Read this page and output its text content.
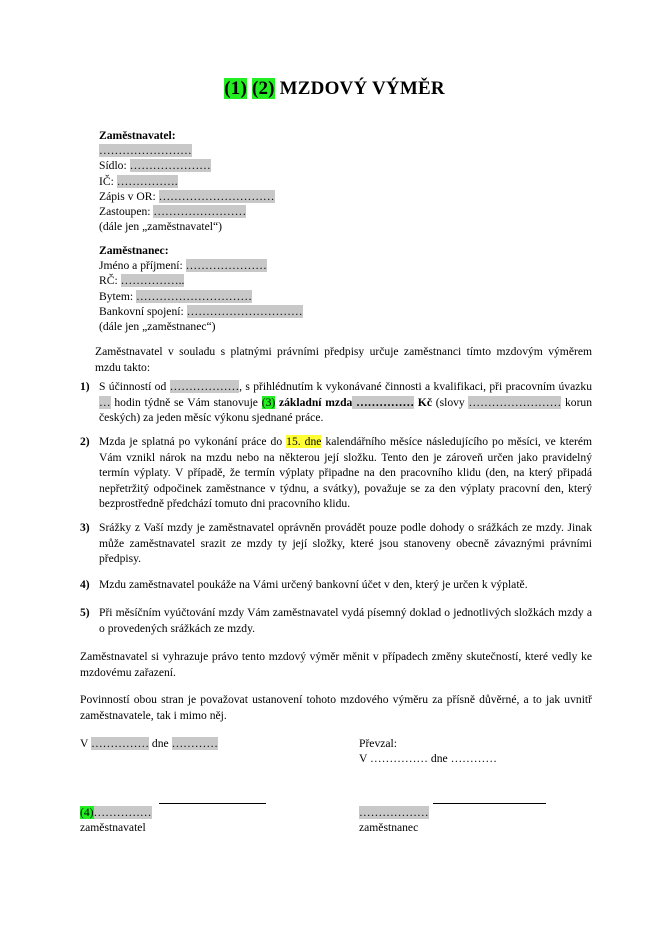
(1) (2) MZDOVÝ VÝMĚR
Zaměstnavatel:
……………………
Sídlo: …………………
IČ: …………….
Zápis v OR: …………………………
Zastoupen: ……………………
(dále jen „zaměstnavatel“)
Zaměstnanec:
Jméno a příjmení: …………………
RČ: ……………..
Bytem: …………………………
Bankovní spojení: …………………………
(dále jen „zaměstnanec“)
Zaměstnavatel v souladu s platnými právními předpisy určuje zaměstnanci tímto mzdovým výměrem mzdu takto:
1) S účinností od ………………, s přihlédnutím k vykonávané činnosti a kvalifikaci, při pracovním úvazku … hodin týdně se Vám stanovuje (3) základní mzda …………… Kč (slovy …………………… korun českých) za jeden měsíc výkonu sjednané práce.
2) Mzda je splatná po vykonání práce do 15. dne kalendářního měsíce následujícího po měsíci, ve kterém Vám vznikl nárok na mzdu nebo na některou její složku. Tento den je zároveň určen jako pravidelný termín výplaty. V případě, že termín výplaty připadne na den pracovního klidu (den, na který připadá nepřetržitý odpočinek zaměstnance v týdnu, a svátky), považuje se za den výplaty pracovní den, který bezprostředně předchází tomuto dni pracovního klidu.
3) Srážky z Vaší mzdy je zaměstnavatel oprávněn provádět pouze podle dohody o srážkách ze mzdy. Jinak může zaměstnavatel srazit ze mzdy ty její složky, které jsou stanoveny obecně závaznými právními předpisy.
4) Mzdu zaměstnavatel poukáže na Vámi určený bankovní účet v den, který je určen k výplatě.
5) Při měsíčním vyúčtování mzdy Vám zaměstnavatel vydá písemný doklad o jednotlivých složkách mzdy a o provedených srážkách ze mzdy.
Zaměstnavatel si vyhrazuje právo tento mzdový výměr měnit v případech změny skutečností, které vedly ke mzdovému zařazení.
Povinností obou stran je považovat ustanovení tohoto mzdového výměru za přísně důvěrné, a to jak uvnitř zaměstnavatele, tak i mimo něj.
V …………… dne …………	Převzal:
V …………… dne …………
(4)……………
zaměstnavatel
………………
zaměstnanec
